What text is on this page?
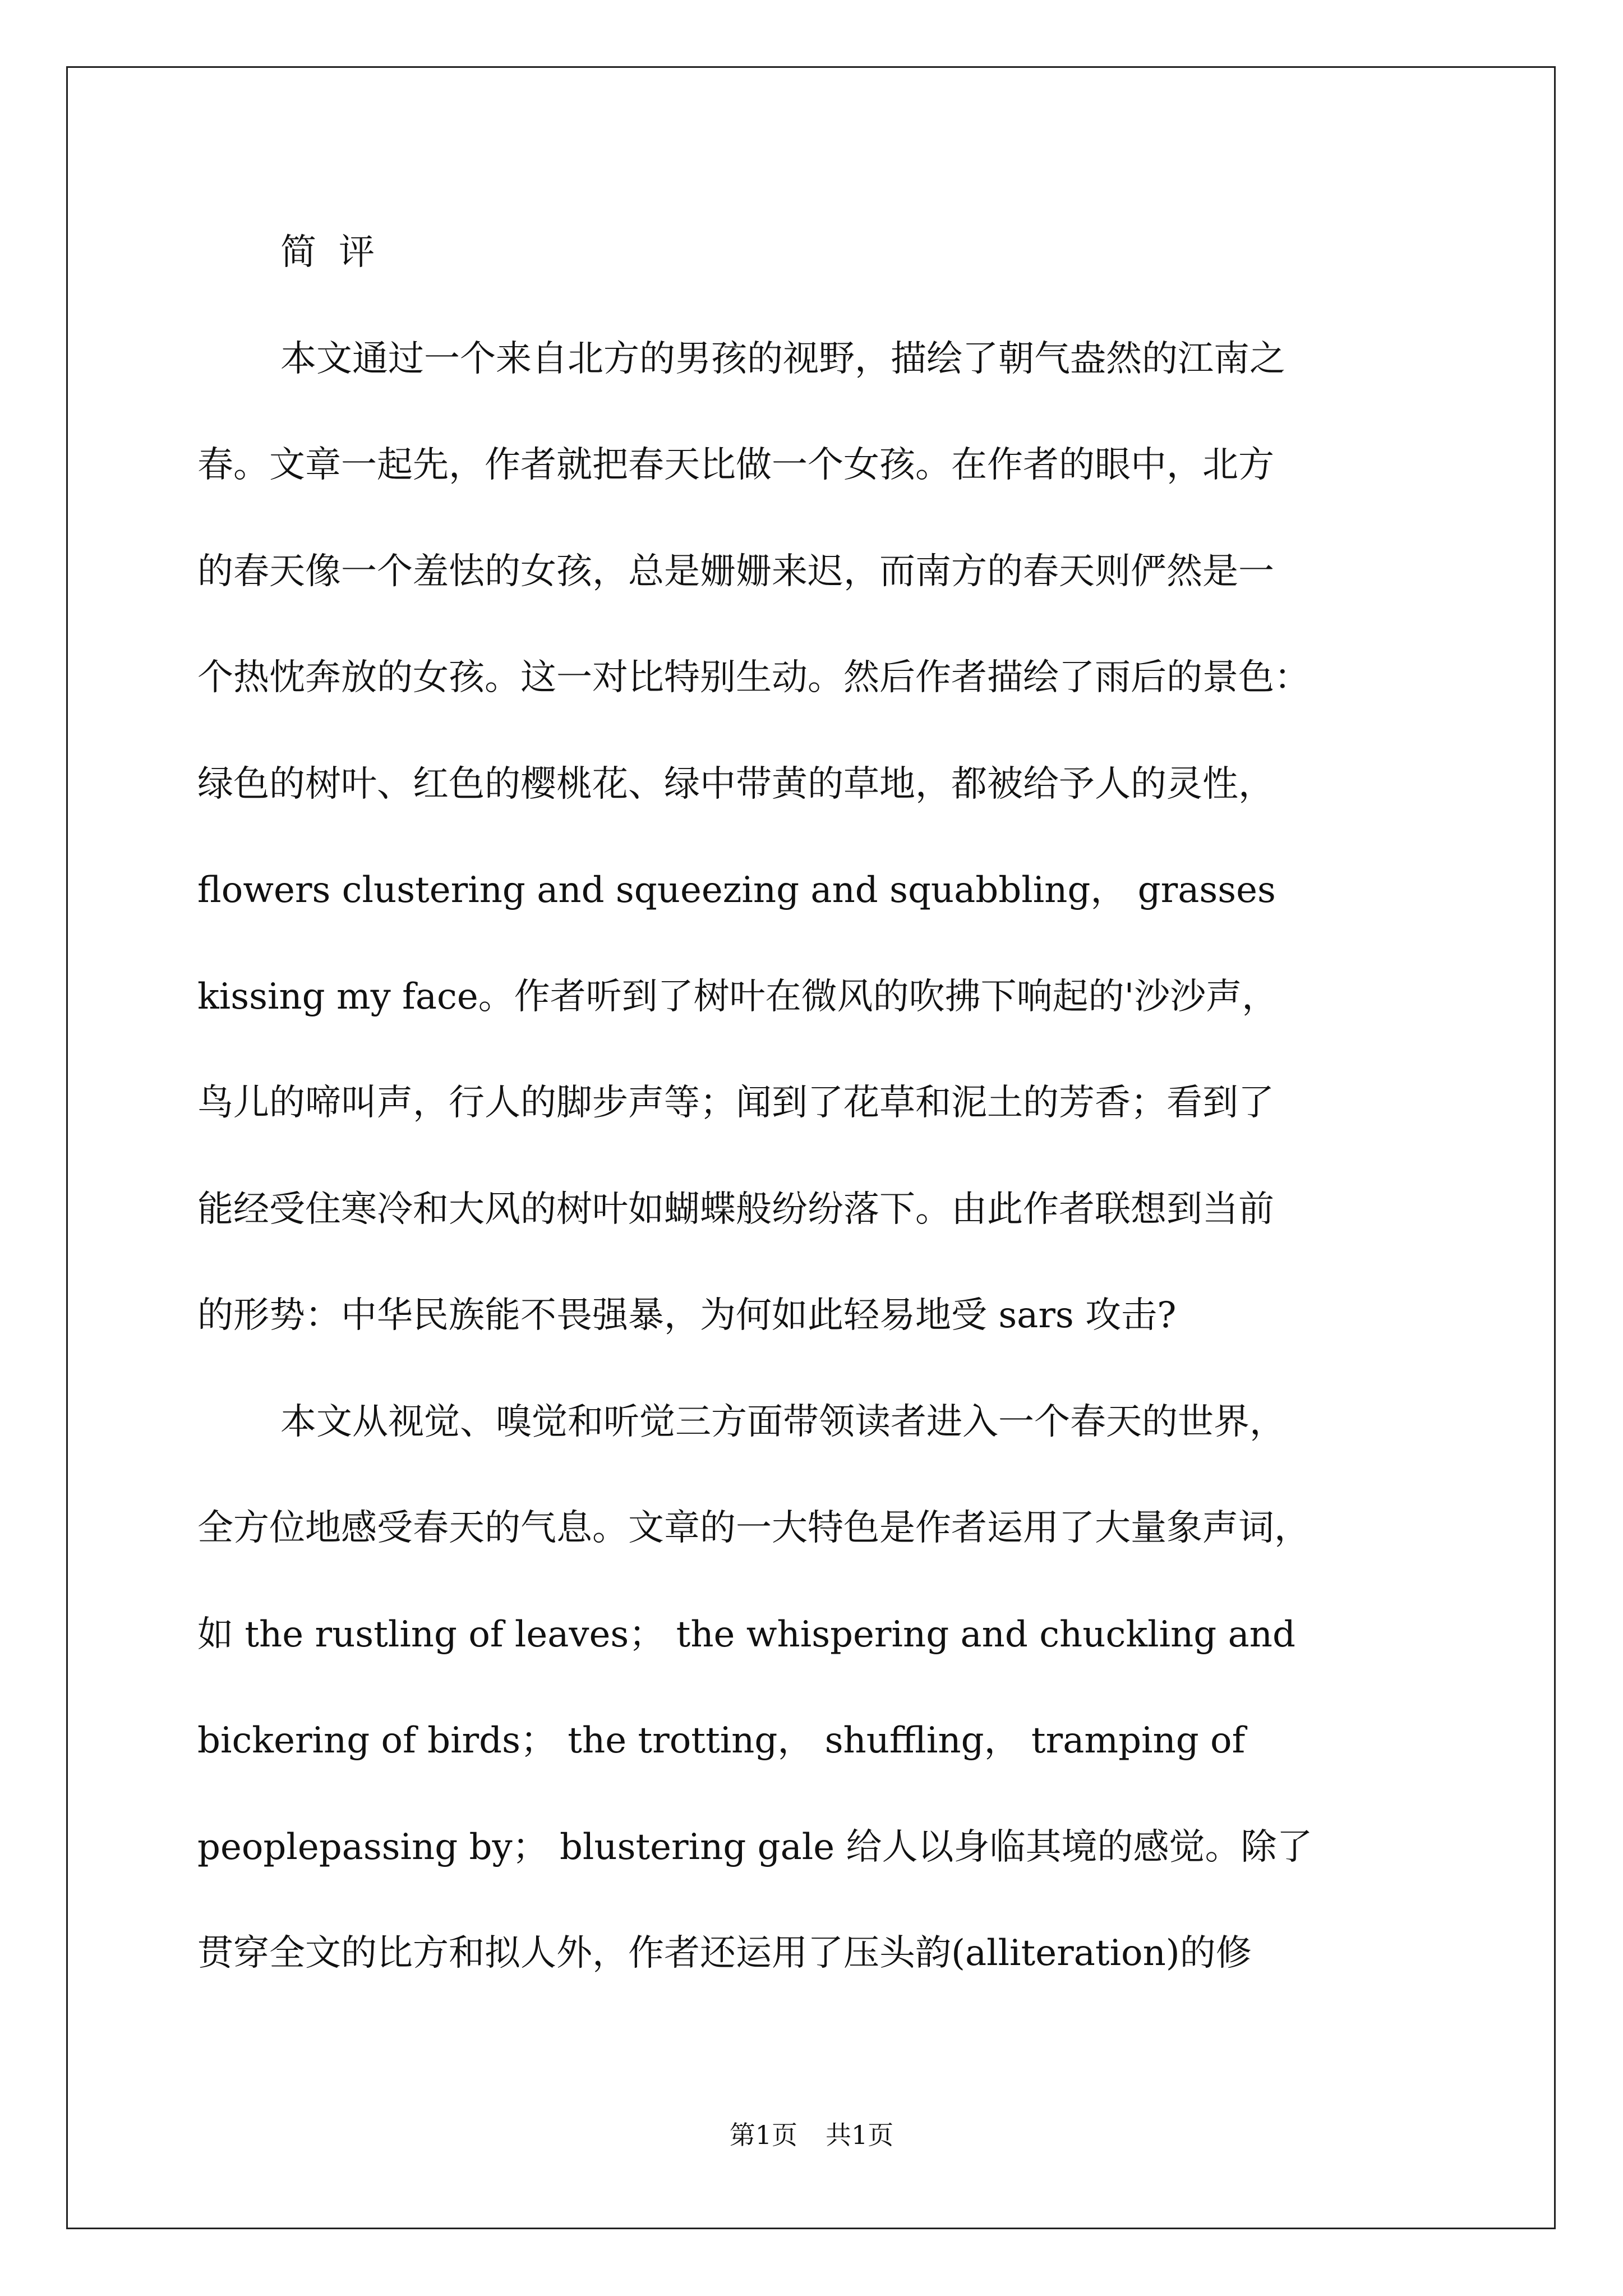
简 评
本文通过一个来自北方的男孩的视野，描绘了朝气盎然的江南之
春。文章一起先，作者就把春天比做一个女孩。在作者的眼中，北方
的春天像一个羞怯的女孩，总是姗姗来迟，而南方的春天则俨然是一
个热忱奔放的女孩。这一对比特别生动。然后作者描绘了雨后的景色：
绿色的树叶、红色的樱桃花、绿中带黄的草地，都被给予人的灵性，
flowers clustering and squeezing and squabbling， grasses
kissing my face。作者听到了树叶在微风的吹拂下响起的'沙沙声，
鸟儿的啼叫声，行人的脚步声等；闻到了花草和泥土的芳香；看到了
能经受住寒冷和大风的树叶如蝴蝶般纷纷落下。由此作者联想到当前
的形势：中华民族能不畏强暴，为何如此轻易地受 sars 攻击?
本文从视觉、嗅觉和听觉三方面带领读者进入一个春天的世界，
全方位地感受春天的气息。文章的一大特色是作者运用了大量象声词，
如 the rustling of leaves； the whispering and chuckling and
bickering of birds； the trotting， shuffling， tramping of
peoplepassing by； blustering gale 给人以身临其境的感觉。除了
贯穿全文的比方和拟人外，作者还运用了压头韵(alliteration)的修
第1页 共1页
